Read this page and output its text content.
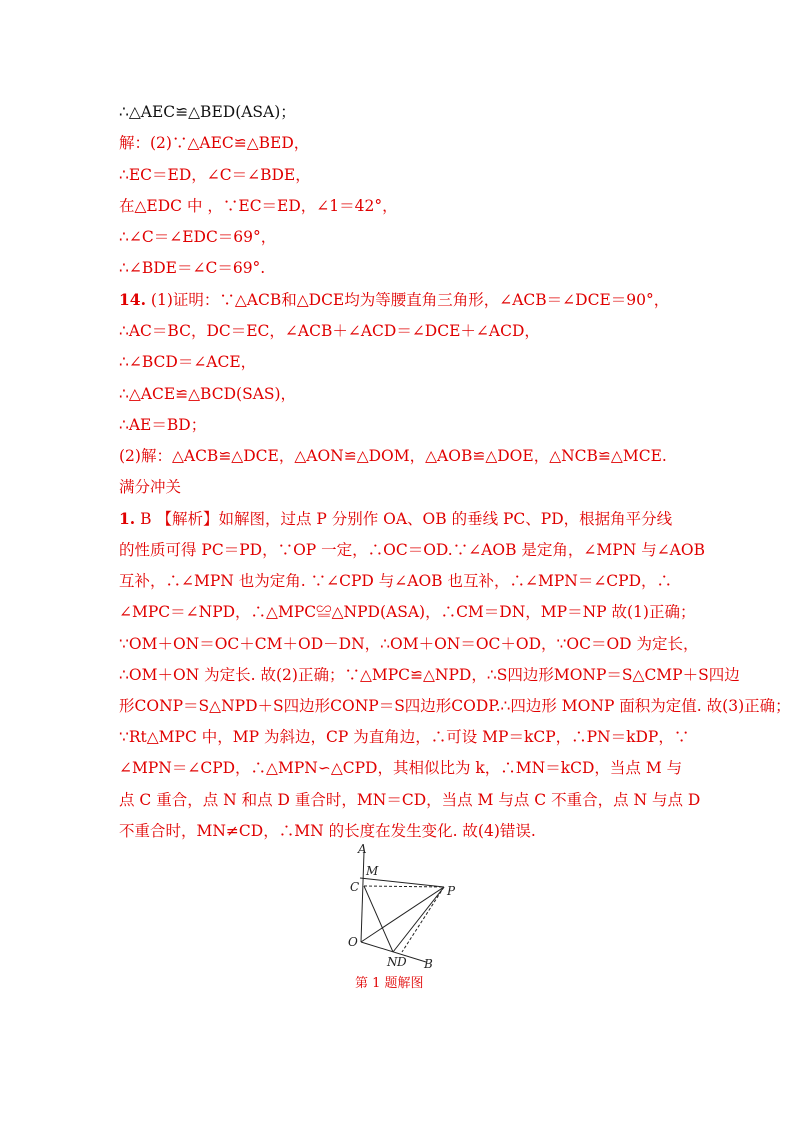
∴△AEC≌△BED(ASA)；
解：(2)∵△AEC≌△BED，
∴EC＝ED，∠C＝∠BDE，
在△EDC 中 ，∵EC＝ED，∠1＝42°，
∴∠C＝∠EDC＝69°，
∴∠BDE＝∠C＝69°.
14. (1)证明：∵△ACB和△DCE均为等腰直角三角形，∠ACB＝∠DCE＝90°，
∴AC＝BC，DC＝EC，∠ACB＋∠ACD＝∠DCE＋∠ACD，
∴∠BCD＝∠ACE，
∴△ACE≌△BCD(SAS)，
∴AE＝BD；
(2)解：△ACB≌△DCE，△AON≌△DOM，△AOB≌△DOE，△NCB≌△MCE.
满分冲关
1. B 【解析】如解图，过点 P 分别作 OA、OB 的垂线 PC、PD，根据角平分线
的性质可得 PC＝PD，∵OP 一定，∴OC＝OD.∵∠AOB 是定角，∠MPN 与∠AOB
互补，∴∠MPN 也为定角. ∵∠CPD 与∠AOB 也互补，∴∠MPN＝∠CPD，∴
∠MPC＝∠NPD，∴△MPC≌△NPD(ASA)，∴CM＝DN，MP＝NP 故(1)正确；
∵OM＋ON＝OC＋CM＋OD－DN，∴OM＋ON＝OC＋OD，∵OC＝OD 为定长，
∴OM＋ON 为定长. 故(2)正确；∵△MPC≌△NPD，∴S四边形MONP＝S△CMP＋S四边
形CONP＝S△NPD＋S四边形CONP＝S四边形CODP.∴四边形 MONP 面积为定值. 故(3)正确；
∵Rt△MPC 中，MP 为斜边，CP 为直角边，∴可设 MP＝kCP，∴PN＝kDP，∵
∠MPN＝∠CPD，∴△MPN∽△CPD，其相似比为 k，∴MN＝kCD，当点 M 与
点 C 重合，点 N 和点 D 重合时，MN＝CD，当点 M 与点 C 不重合，点 N 与点 D
不重合时，MN≠CD，∴MN 的长度在发生变化. 故(4)错误.
A
M
C	P
O
N D B
第 1 题解图
